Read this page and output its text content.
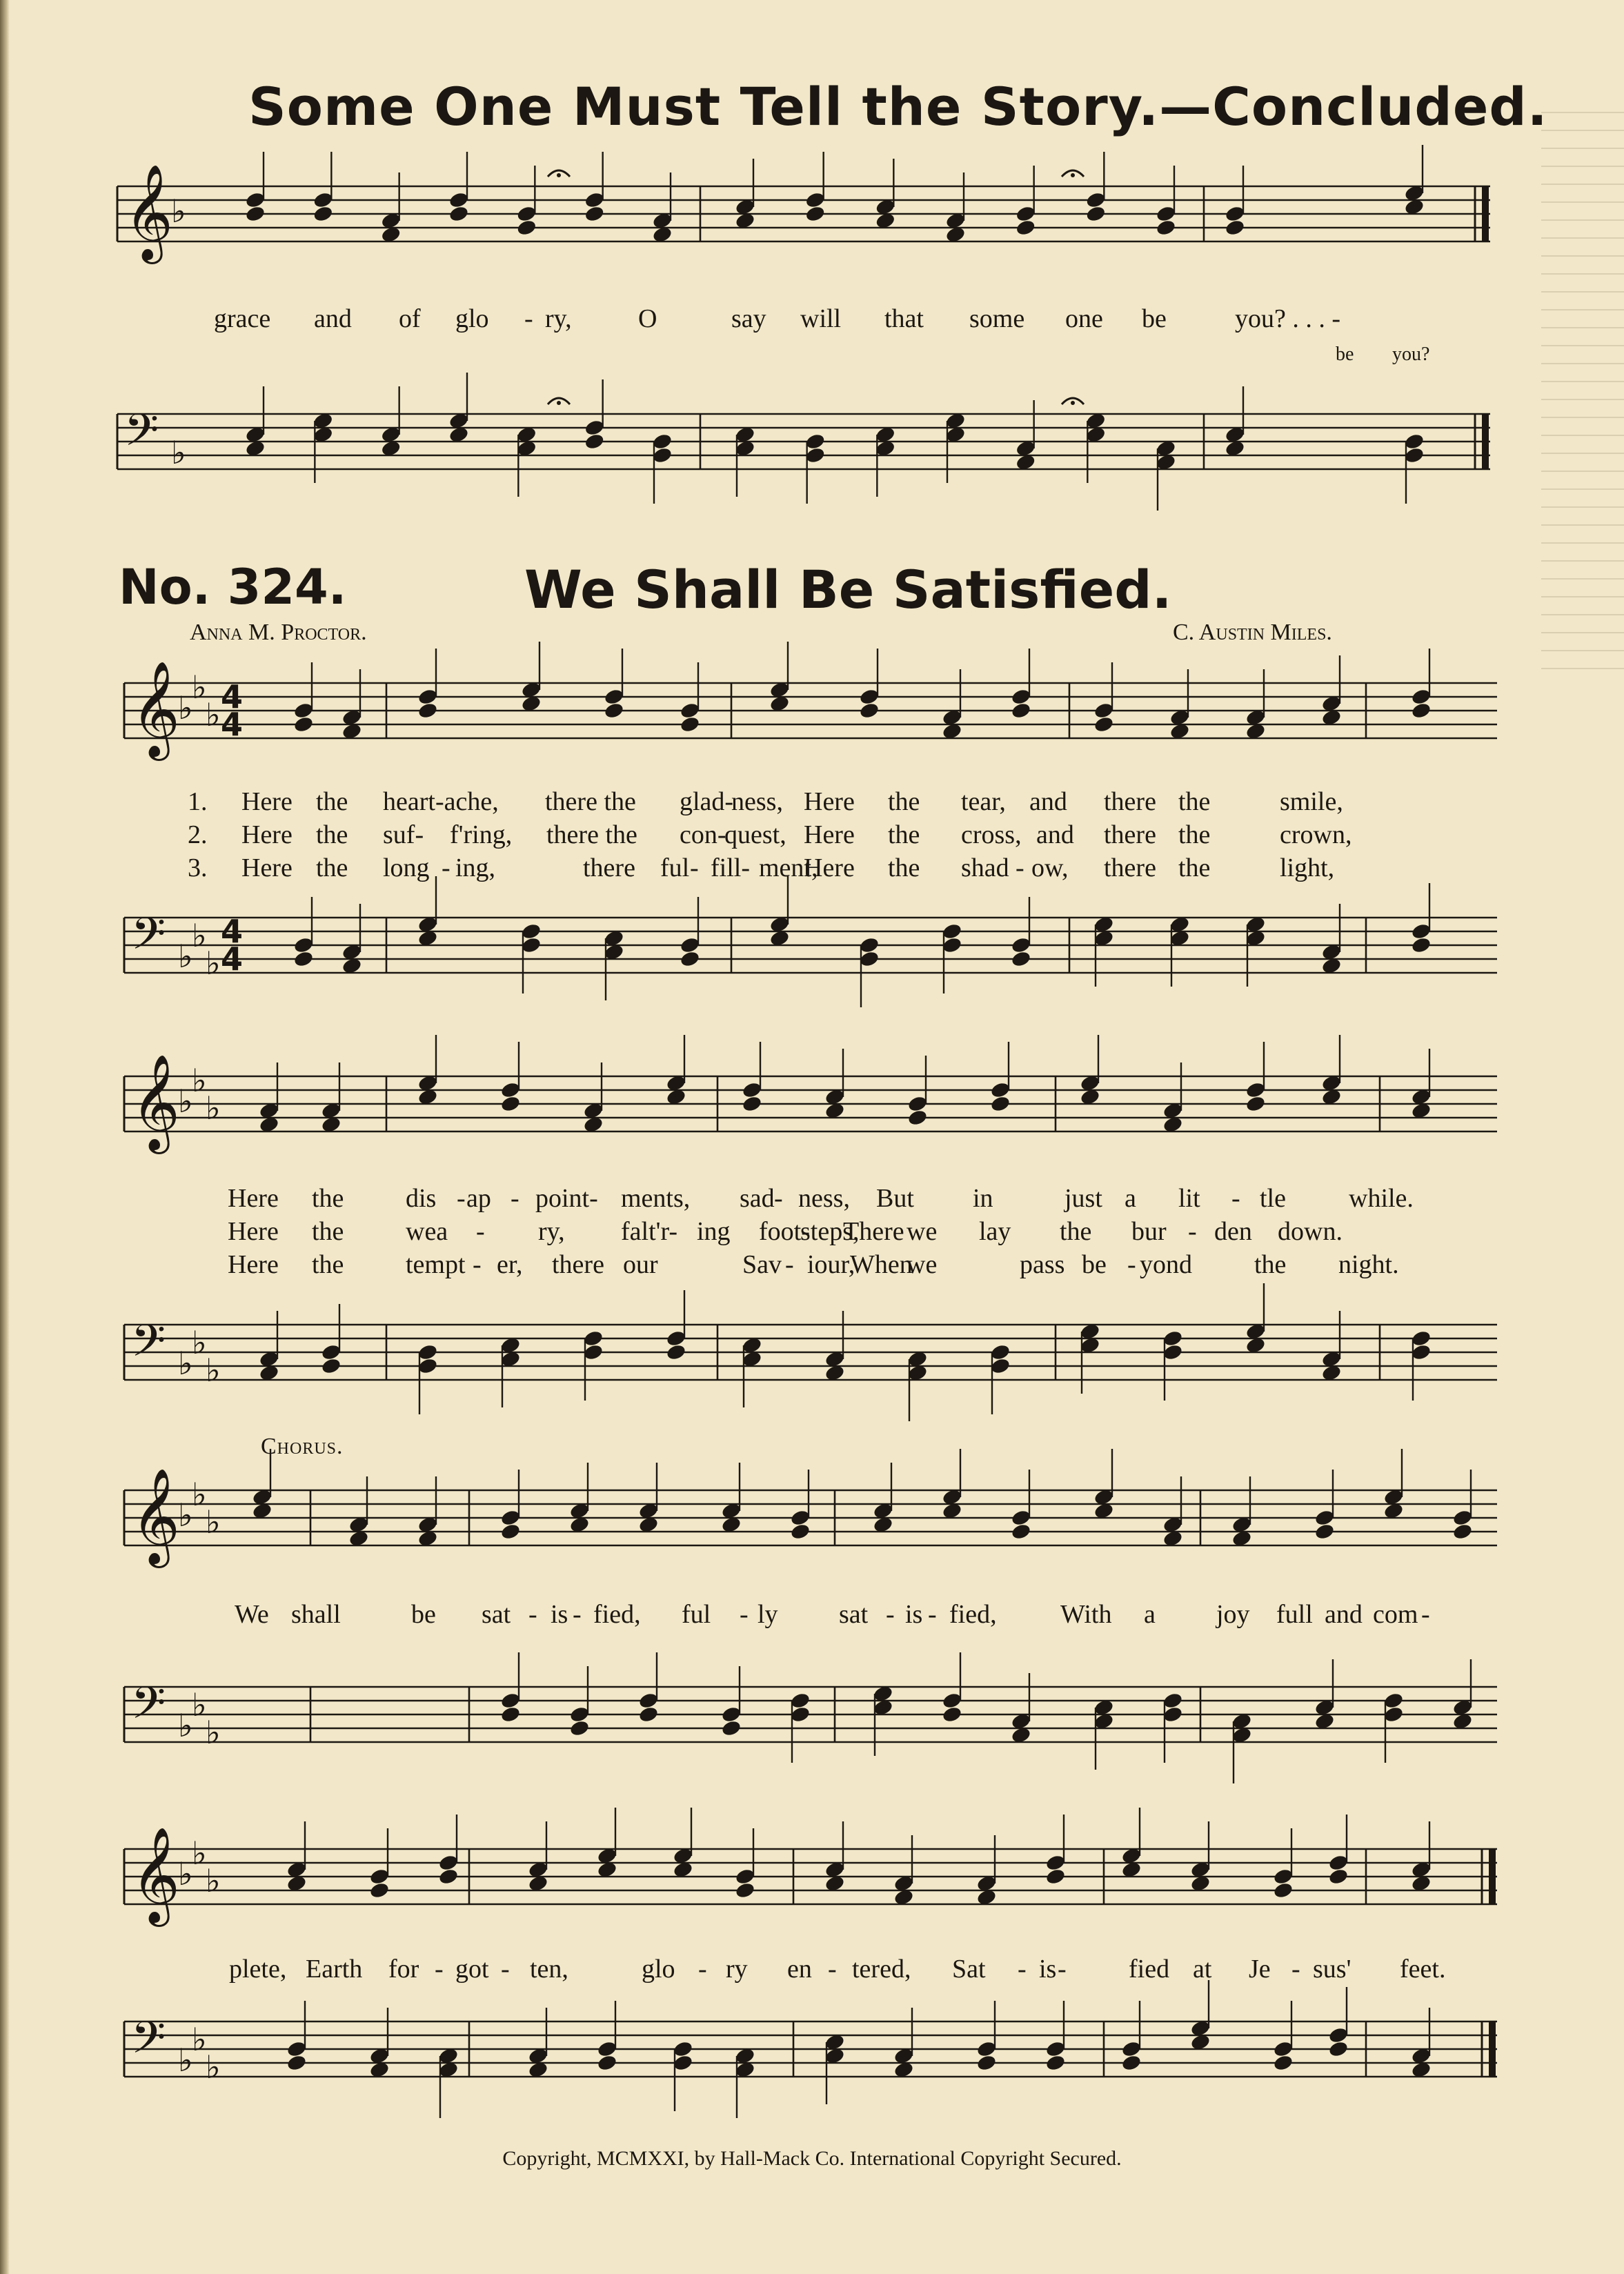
Some One Must Tell the Story.—Concluded.
𝄞
♭
grace and of glo - ry,	O	say will that some one be	you? . . . -
be you?
𝄢 ♭
No. 324.	We Shall Be Satisfied.
Anna M. Proctor.	C. Austin Miles.
𝄞
♭
♭
♭ 4
4
1.
2.
3.
Here the heart-ache, there the glad-
ness, Here the tear, and there the	smile,
Here the suf- f'ring, there the con-
quest, Here the cross, and there the	crown,
Here the long - ing,	there ful - fill- ment,
Here the shad - ow, there the	light,
𝄢 ♭
♭
♭
4
4
𝄞
♭
♭
♭
Here the dis - ap - point- ments, sad - ness, But in	just a lit - tle while.
Here the wea - ry, falt'r- ing foot-
steps,
There we lay the bur - den down.
Here the tempt - er, there our	Sav - iour,
When
we	pass be - yond the night.
𝄢 ♭
♭
♭
Chorus.
𝄞
♭
♭
♭
We shall	be sat - is - fied, ful - ly sat - is - fied, With a joy full and com -
𝄢 ♭
♭
♭
𝄞
♭
♭
♭
plete, Earth for - got - ten,	glo - ry en - tered, Sat - is - fied at Je - sus' feet.
𝄢 ♭
♭
♭
Copyright, MCMXXI, by Hall-Mack Co. International Copyright Secured.
